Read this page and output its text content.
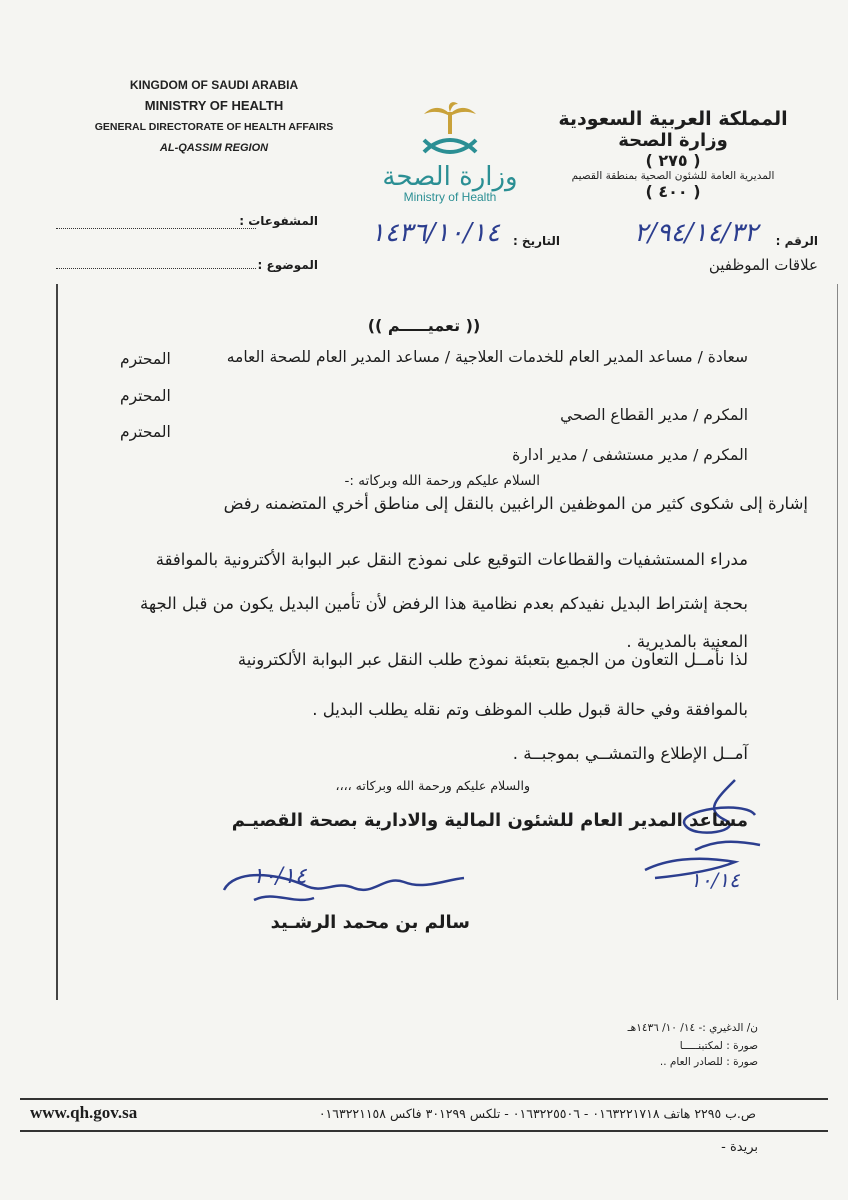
KINGDOM OF SAUDI ARABIA
MINISTRY OF HEALTH
GENERAL DIRECTORATE OF HEALTH AFFAIRS
AL-QASSIM REGION
وزارة الصحة
Ministry of Health
المملكة العربية السعودية
وزارة الصحة
( ٢٧٥ )
المديرية العامة للشئون الصحية بمنطقة القصيم
( ٤٠٠ )
الرقم :
٢/٩٤/١٤/٣٢
التاريخ :
١٤٣٦/١٠/١٤
المشفوعات :
الموضوع :	علاقات الموظفين
(( تعميـــــم ))
سعادة / مساعد المدير العام للخدمات العلاجية / مساعد المدير العام للصحة العامه
المحترم
المحترم
المكرم / مدير القطاع الصحي
المحترم
المكرم / مدير مستشفى / مدير ادارة
السلام عليكم ورحمة الله وبركاته :-
إشارة إلى شكوى كثير من الموظفين الراغبين بالنقل إلى مناطق أخري المتضمنه رفض
مدراء المستشفيات والقطاعات التوقيع على نموذج النقل عبر البوابة الأكترونية بالموافقة
بحجة إشتراط البديل نفيدكم بعدم نظامية هذا الرفض لأن تأمين البديل يكون من قبل الجهة
المعنية بالمديرية .
لذا نأمــل التعاون من الجميع بتعبئة نموذج طلب النقل عبر البوابة الألكترونية
بالموافقة وفي حالة قبول طلب الموظف وتم نقله يطلب البديل .
آمــل الإطلاع والتمشــي بموجبــة .
والسلام عليكم ورحمة الله وبركاته ،،،،
١٠/١٤
مساعد المدير العام للشئون المالية والادارية بصحة القصيـم
١٠/١٤
سالم بن محمد الرشـيد
ن/ الدغيري :- ١٤/ ١٠/ ١٤٣٦هـ
صورة : لمكتبنـــــا
صورة : للصادر العام ..
www.qh.gov.sa	ص.ب ٢٢٩٥ هاتف ٠١٦٣٢٢١٧١٨ - ٠١٦٣٢٢٥٥٠٦ - تلكس ٣٠١٢٩٩ فاكس ٠١٦٣٢٢١١٥٨
بريدة -
